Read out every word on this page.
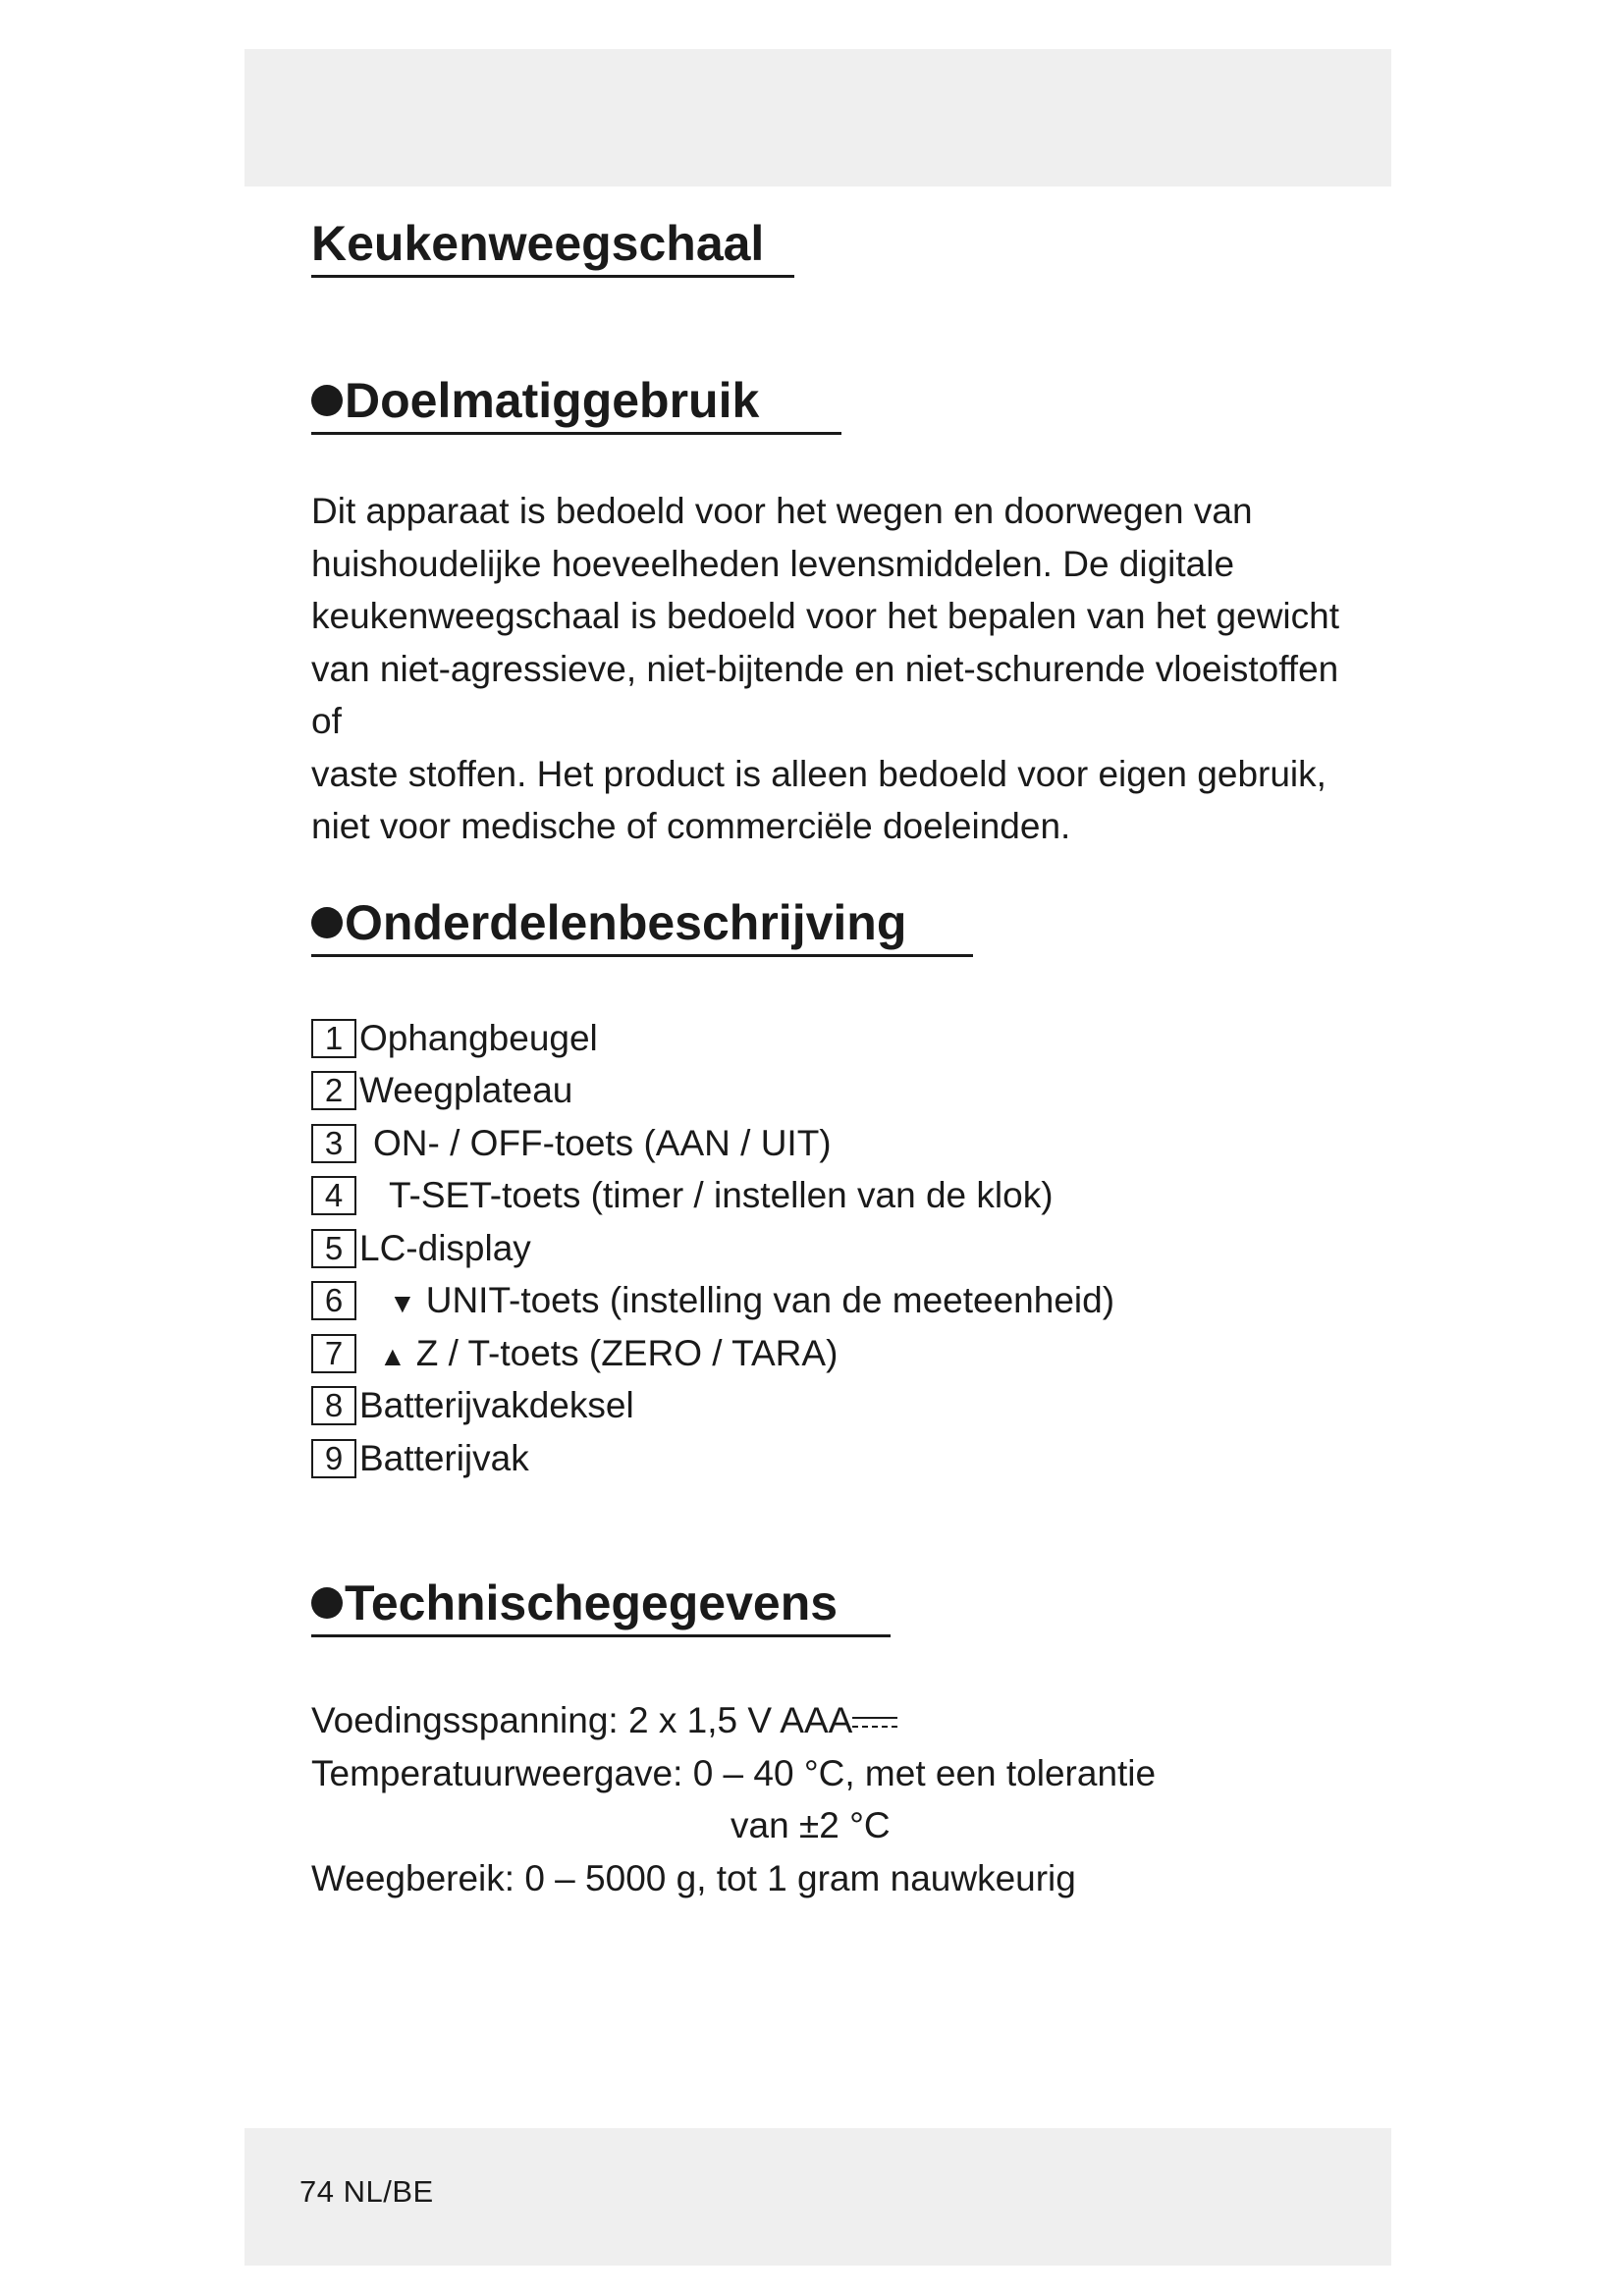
Keukenweegschaal
Doelmatiggebruik

Dit apparaat is bedoeld voor het wegen en doorwegen van
huishoudelijke hoeveelheden levensmiddelen. De digitale
keukenweegschaal is bedoeld voor het bepalen van het gewicht
van niet-agressieve, niet-bijtende en niet-schurende vloeistoffen of
vaste stoffen. Het product is alleen bedoeld voor eigen gebruik,
niet voor medische of commerciële doeleinden.

Onderdelenbeschrijving
1 Ophangbeugel
2 Weegplateau
3 ON- / OFF-toets (AAN / UIT)
4	T-SET-toets (timer / instellen van de klok)
5 LC-display
6	▼ UNIT-toets (instelling van de meeteenheid)
7	▲ Z / T-toets (ZERO / TARA)
8 Batterijvakdeksel
9 Batterijvak
Technischegegevens
Voedingsspanning: 2 x 1,5 V AAA
Temperatuurweergave: 0 – 40 °C, met een tolerantie
van ±2 °C
Weegbereik: 0 – 5000 g, tot 1 gram nauwkeurig
74 NL/BE
